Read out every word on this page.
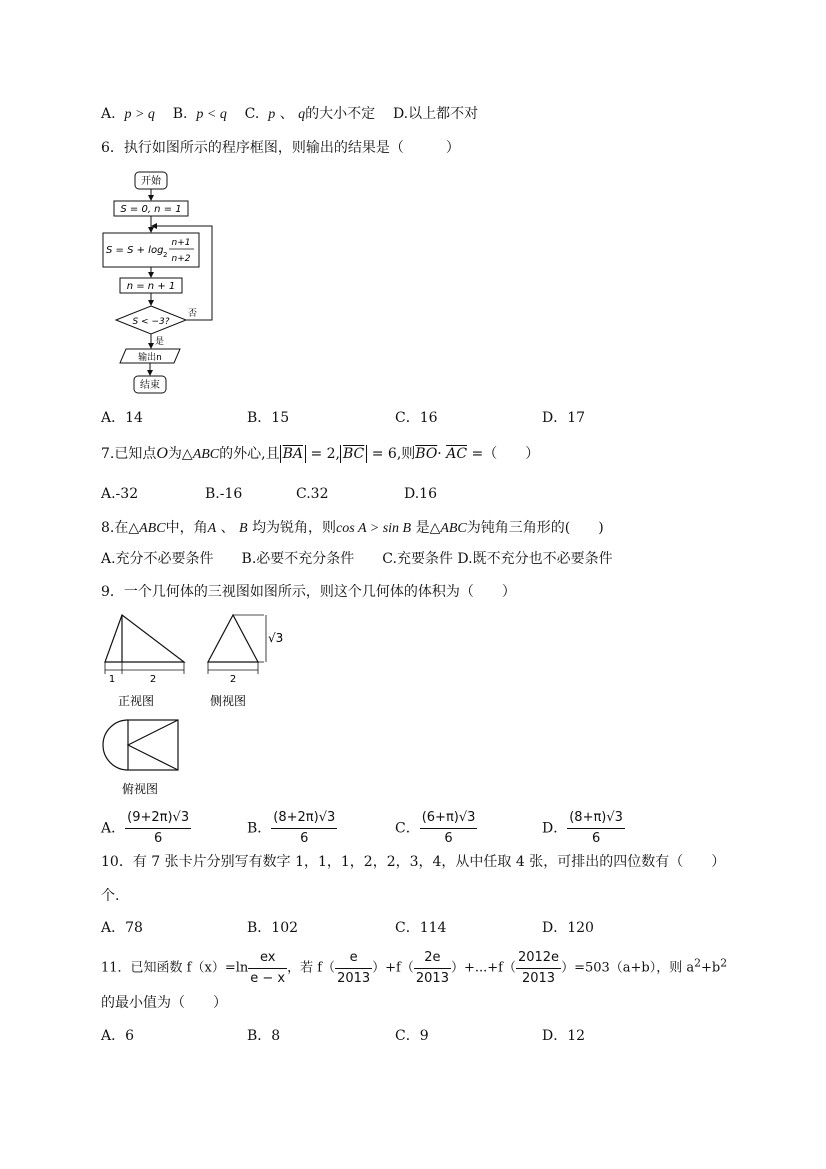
A. p > q B. p < q C. p 、 q的大小不定 D.以上都不对
6．执行如图所示的程序框图，则输出的结果是（　　　）
开始
S = 0, n = 1
S = S + log 2
n+1
n+2
n = n + 1
S < −3?
否
是
输出n
结束
A．14	B．15	C．16	D．17
7.已知点O为△ABC的外心,且 $\overline{BA} = 2$, $\overline{BC} = 6$,则$\overline{BO}\cdot \overline{AC}$ =（　　）
A.-32	B.-16	C.32	D.16
8.在△ABC中，角A 、 B 均为锐角，则cos A > sin B 是△ABC为钝角三角形的(　　)
A.充分不必要条件　　B.必要不充分条件　　C.充要条件 D.既不充分也不必要条件
9．一个几何体的三视图如图所示，则这个几何体的体积为（　　）
1	2
正视图
√3
2
侧视图
俯视图
A． $\frac{(9+2\pi)√3}{6}$	B． $\frac{(8+2\pi)√3}{6}$	C． $\frac{(6+\pi)√3}{6}$	D． $\frac{(8+\pi)√3}{6}$
10．有 7 张卡片分别写有数字 1，1，1，2，2，3，4，从中任取 4 张，可排出的四位数有（　　）
个.
A．78	B．102	C．114	D．120
11．已知函数 $f(x)=\ln \frac{ex}{e - x}$ ，若 $f( \frac{e}{2013} )+f( \frac{2e}{2013} )+...+f( \frac{2012e}{2013} )=503(a+b)$，则 $a^2+b^2$
的最小值为（　　）
A．6	B．8	C．9	D．12
